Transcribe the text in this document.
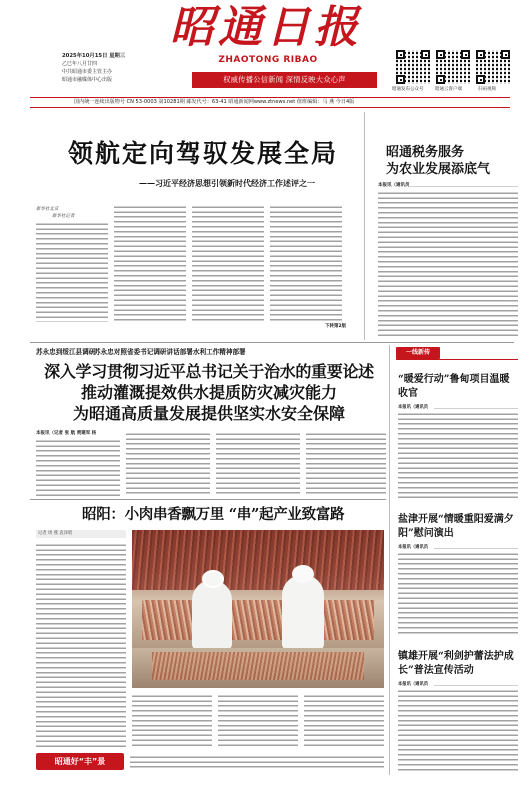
昭通日报
ZHAOTONG RIBAO
权威传播公信新闻 深情反映大众心声
2025年10月15日 星期三
乙巳年八月廿四
中共昭通市委主管主办
昭通市融媒体中心出版
昭通发布公众号	昭通云客户端	扫码视频
国内统一连续出版物号 CN 53-0003 第10281期 邮发代号：63-41 昭通新闻网www.ztnews.net 值班编辑：马 燕 今日4版
领航定向驾驭发展全局
——习近平经济思想引领新时代经济工作述评之一
新华社北京
新华社记者
下转第2版
昭通税务服务
为农业发展添底气
本报讯（通讯员
苏永忠到绥江县调研
苏永忠对照省委书记调研讲话部署水利工作精神部署
深入学习贯彻习近平总书记关于治水的重要论述
推动灌溉提效供水提质防灾减灾能力
为昭通高质量发展提供坚实水安全保障
本报讯（记者 张 航 贾建军 杨
昭阳：小肉串香飘万里 “串”起产业致富路
记者 周 燕 袁泽昭
昭通好“丰”景
一线新传
“暖爱行动”鲁甸项目温暖收官
本报讯（通讯员
盐津开展“情暖重阳爱满夕阳”慰问演出
本报讯（通讯员
镇雄开展“利剑护蕾法护成长”普法宣传活动
本报讯（通讯员
